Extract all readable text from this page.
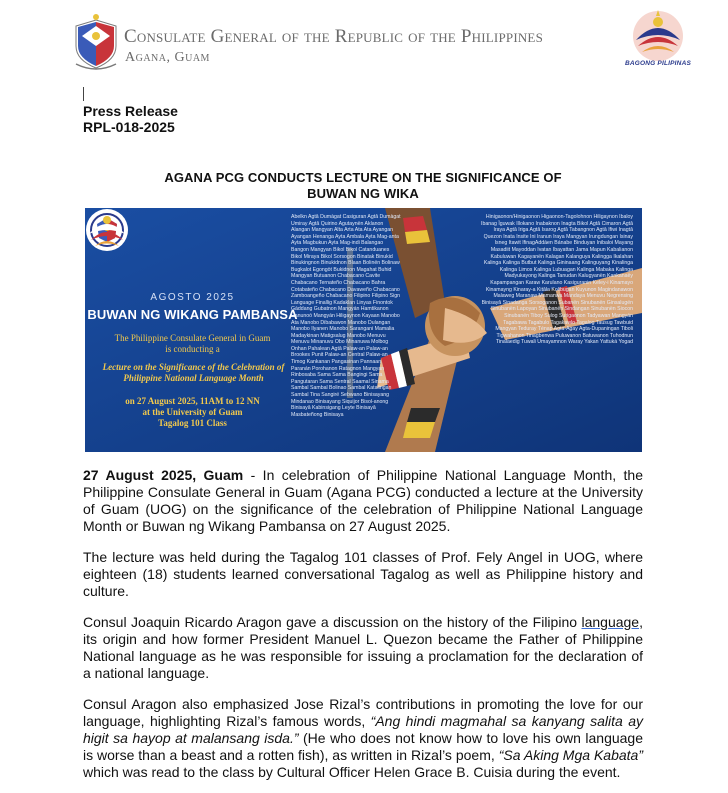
Consulate General of the Republic of the Philippines
Agana, Guam	BAGONG PILIPINAS
Press Release
RPL-018-2025
AGANA PCG CONDUCTS LECTURE ON THE SIGNIFICANCE OF
BUWAN NG WIKA
AGOSTO 2025
BUWAN NG WIKANG PAMBANSA
The Philippine Consulate General in Guam
is conducting a
Lecture on the Significance of the Celebration of Philippine National Language Month
on 27 August 2025, 11AM to 12 NN
at the University of Guam
Tagalog 101 Class
Abelkn Agtâ Dumàgat Casiguran Agtâ Dumàgat Umiray Agtâ Quirino Agutaynën Aklanon Alangan Mangyan Alta Arta Ata Ata Ayangan Ayangan Henanga Ayta Ambala Ayta Mag-anta Ayta Magbukun Ayta Mag-indi Balangao Bangon Mangyan Bikol Bikol Catanduanes Bikol Miraya Bikol Sorsogon Binatak Binukid Binukingnon Binukidnon Blaan Bolinën Bolinaw Bugkalot Egongöt Bukidnon Magahat Buhid Mangyan Butuanon Chabacano Cavite Chabacano Ternateño Chabacano Bahra Cotabateño Chabacano Davaweño Chabacano Zamboangeño Chabacano Filipino Filipino Sign Language Finallig Kadaklan Linyas Finontok Gáddang Gubatnon Mangyán Hamtikanon Hanunoó Mangyán Hiligaynon Kayaan Manobo Ata Manobo Dibabawon Manobo Dulangan Manobo Ilyanen Manobo Sarangani Mamalia Madaykinan Matigsalug Manobo Menuvu Menuvu Minanuvu Obo Minanuwa Molbog Onhan Pahalean Agtâ Palaw-an Palaw-an Brookes Punit Palaw-an Central Palaw-an Timog Kankanan Pangasinan Pannaan Paranán Porohanon Ratagnon Mangyan Rinbosaba Sama Sama Bangingi Sama Pangutaran Sama Sentral Saamal Sinama Sambal Sambal Bolinao Sambal Katalingan Sambal Tina Sangirë Sebwano Binisayang Mindanao Binisayang Siquijor Bisol-anong Binisayâ Kabinsigang Leyte Binisayâ Masbateñong Binisaya
Hinigaonon/Hinigaonon Higaonon-Tagolohnon Hiligaynon Ibaloy Ibanag Ïguwak Illokano Inabaknon Inagta Bikol Agtâ Cimaron Agtâ Iraya Agtâ Iriga Agtâ Isarog Agtâ Tabangnon Agtâ Ifiwi Inagtâ Quezon Inata Insite Ini Iranun Iraya Mangyan Irungdungan Isinay Isneg Itawit IfinagAddáen Bánabe Binduyan Inibaloi Mayang Masadiit Mayoddan Ivatan Ibayattan Jama Mapun Kabalianon Kabuluwan Kagayanën Kalagan Kalanguya Kalingga Ikalahan Kalinga Kalinga Butbut Kalinga Gininaang Kalinguyang Kinalinga Kalinga Limos Kalinga Lubuagan Kalinga Mabaka Kalinga Madyukayong Kalinga Tanudan Kalugyanën Kankanaëy Kapampangan Karaw Karulano Kasiguranin Keley-i Kinamayo Kinamayng Kinaray-a Kitâla Kolibugan Kuyunon Magindanawon Malaweg Maranaw Mamanwa Mandaya Menuvu Negrensing Binisayâ Sinadanga Sorsoganon Subanën Sinubanën Ginsalugën Sinubanën Lapoyan Sinubanën Sindangan Sinubanën Siocon Sinubanën Tiboy Sulog Surigaonon Tadyawan Mangyán Tagabawa Tagabulo Tagakawlo Tagalog Tausug Tawbuid Mangyan Teduray Ténap Agta-Agay Agta-Dupaningan Tiboli Tigwahanon Tinagbenwa Puluwanon Batuwanon Tuhodnun Tinalaedig Tuwali Umayamnon Waray Yakan Yattuká Yogad
27 August 2025, Guam - In celebration of Philippine National Language Month, the Philippine Consulate General in Guam (Agana PCG) conducted a lecture at the University of Guam (UOG) on the significance of the celebration of Philippine National Language Month or Buwan ng Wikang Pambansa on 27 August 2025.
The lecture was held during the Tagalog 101 classes of Prof. Fely Angel in UOG, where eighteen (18) students learned conversational Tagalog as well as Philippine history and culture.
Consul Joaquin Ricardo Aragon gave a discussion on the history of the Filipino language, its origin and how former President Manuel L. Quezon became the Father of Philippine National language as he was responsible for issuing a proclamation for the declaration of a national language.
Consul Aragon also emphasized Jose Rizal’s contributions in promoting the love for our language, highlighting Rizal’s famous words, “Ang hindi magmahal sa kanyang salita ay higit sa hayop at malansang isda.” (He who does not know how to love his own language is worse than a beast and a rotten fish), as written in Rizal’s poem, “Sa Aking Mga Kabata” which was read to the class by Cultural Officer Helen Grace B. Cuisia during the event.
